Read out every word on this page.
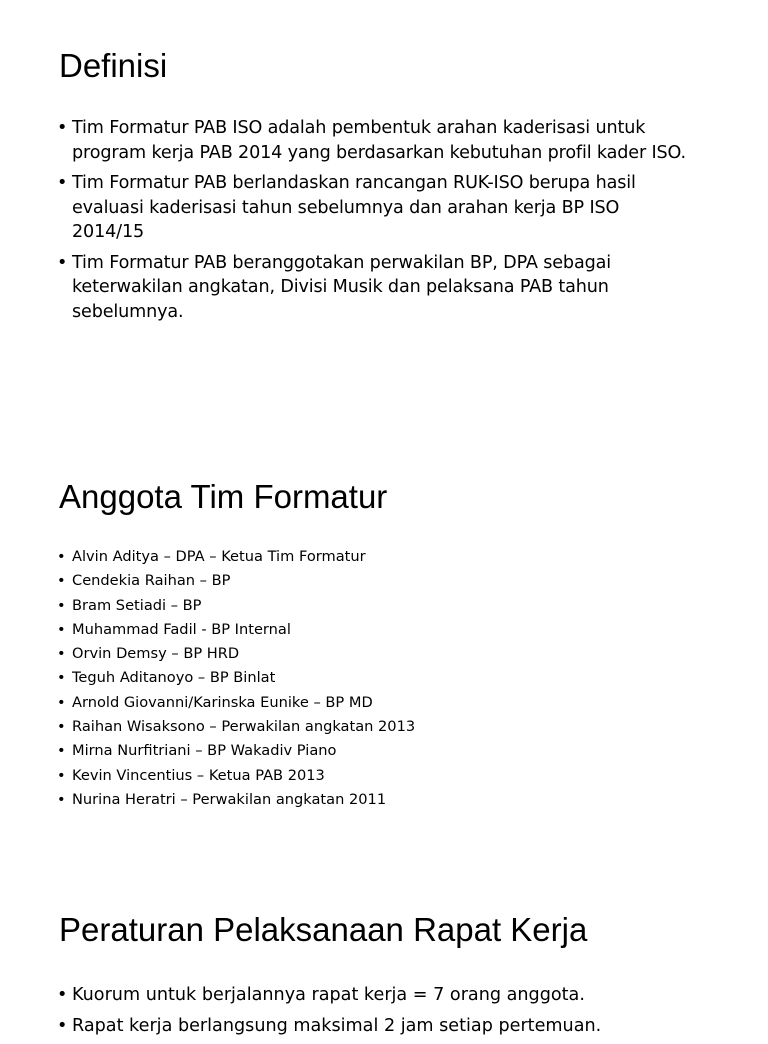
Definisi
• Tim Formatur PAB ISO adalah pembentuk arahan kaderisasi untuk program kerja PAB 2014 yang berdasarkan kebutuhan profil kader ISO.
• Tim Formatur PAB berlandaskan rancangan RUK-ISO berupa hasil evaluasi kaderisasi tahun sebelumnya dan arahan kerja BP ISO 2014/15
• Tim Formatur PAB beranggotakan perwakilan BP, DPA sebagai keterwakilan angkatan, Divisi Musik dan pelaksana PAB tahun sebelumnya.
Anggota Tim Formatur
• Alvin Aditya – DPA – Ketua Tim Formatur
• Cendekia Raihan – BP
• Bram Setiadi – BP
• Muhammad Fadil - BP Internal
• Orvin Demsy – BP HRD
• Teguh Aditanoyo – BP Binlat
• Arnold Giovanni/Karinska Eunike – BP MD
• Raihan Wisaksono – Perwakilan angkatan 2013
• Mirna Nurfitriani – BP Wakadiv Piano
• Kevin Vincentius – Ketua PAB 2013
• Nurina Heratri – Perwakilan angkatan 2011
Peraturan Pelaksanaan Rapat Kerja
• Kuorum untuk berjalannya rapat kerja = 7 orang anggota.
• Rapat kerja berlangsung maksimal 2 jam setiap pertemuan.
